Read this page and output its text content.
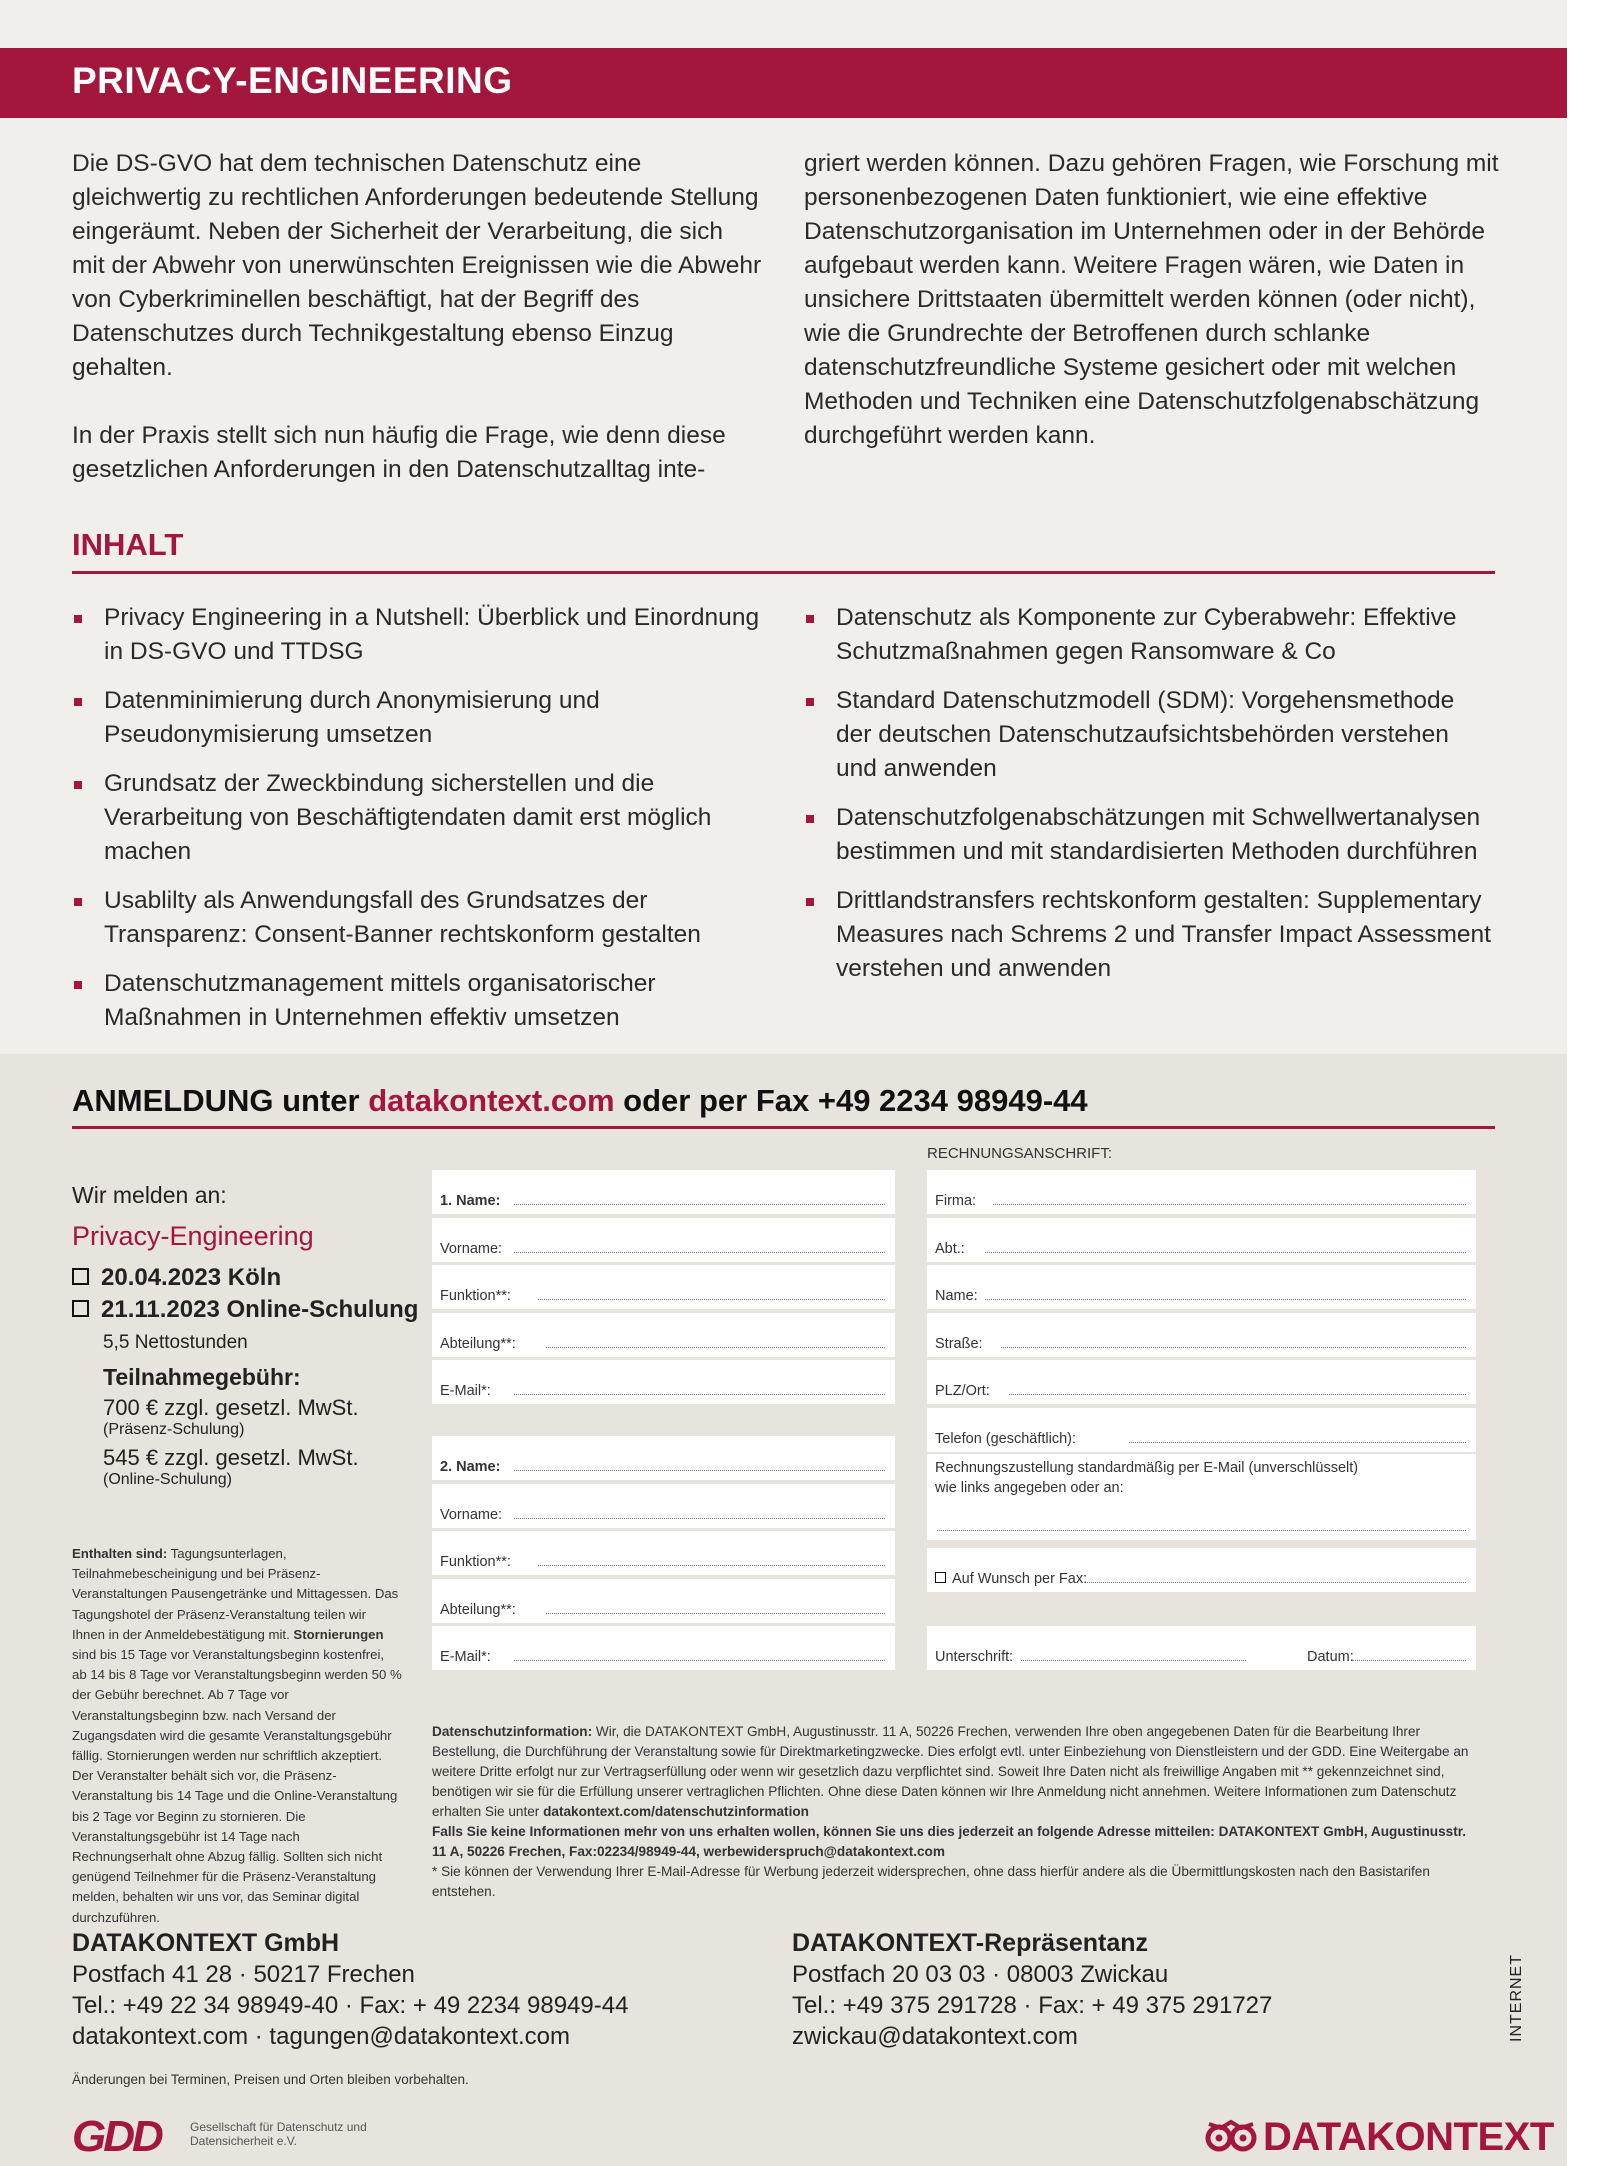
PRIVACY-ENGINEERING

Die DS-GVO hat dem technischen Datenschutz eine gleichwertig zu rechtlichen Anforderungen bedeutende Stellung eingeräumt. Neben der Sicherheit der Verarbeitung, die sich mit der Abwehr von unerwünschten Ereignissen wie die Abwehr von Cyberkriminellen beschäftigt, hat der Begriff des Datenschutzes durch Technikgestaltung ebenso Einzug gehalten.

In der Praxis stellt sich nun häufig die Frage, wie denn diese gesetzlichen Anforderungen in den Datenschutzalltag inte-

griert werden können. Dazu gehören Fragen, wie Forschung mit personenbezogenen Daten funktioniert, wie eine effektive Datenschutzorganisation im Unternehmen oder in der Behörde aufgebaut werden kann. Weitere Fragen wären, wie Daten in unsichere Drittstaaten übermittelt werden können (oder nicht), wie die Grundrechte der Betroffenen durch schlanke datenschutzfreundliche Systeme gesichert oder mit welchen Methoden und Techniken eine Datenschutzfolgenabschätzung durchgeführt werden kann.

INHALT
Privacy Engineering in a Nutshell: Überblick und Einordnung in DS-GVO und TTDSG
Datenminimierung durch Anonymisierung und Pseudonymisierung umsetzen
Grundsatz der Zweckbindung sicherstellen und die Verarbeitung von Beschäftigtendaten damit erst möglich machen
Usablilty als Anwendungsfall des Grundsatzes der Transparenz: Consent-Banner rechtskonform gestalten
Datenschutzmanagement mittels organisatorischer Maßnahmen in Unternehmen effektiv umsetzen
Datenschutz als Komponente zur Cyberabwehr: Effektive Schutzmaßnahmen gegen Ransomware & Co
Standard Datenschutzmodell (SDM): Vorgehensmethode der deutschen Datenschutzaufsichtsbehörden verstehen und anwenden
Datenschutzfolgenabschätzungen mit Schwellwertanalysen bestimmen und mit standardisierten Methoden durchführen
Drittlandstransfers rechtskonform gestalten: Supplementary Measures nach Schrems 2 und Transfer Impact Assessment verstehen und anwenden
ANMELDUNG unter datakontext.com oder per Fax +49 2234 98949-44
Wir melden an:
Privacy-Engineering
20.04.2023 Köln
21.11.2023 Online-Schulung
5,5 Nettostunden
Teilnahmegebühr:
700 € zzgl. gesetzl. MwSt.
(Präsenz-Schulung)
545 € zzgl. gesetzl. MwSt.
(Online-Schulung)
Enthalten sind: Tagungsunterlagen, Teilnahmebescheinigung und bei Präsenz-Veranstaltungen Pausengetränke und Mittagessen. Das Tagungshotel der Präsenz-Veranstaltung teilen wir Ihnen in der Anmeldebestätigung mit. Stornierungen sind bis 15 Tage vor Veranstaltungsbeginn kostenfrei, ab 14 bis 8 Tage vor Veranstaltungsbeginn werden 50 % der Gebühr berechnet. Ab 7 Tage vor Veranstaltungsbeginn bzw. nach Versand der Zugangsdaten wird die gesamte Veranstaltungsgebühr fällig. Stornierungen werden nur schriftlich akzeptiert. Der Veranstalter behält sich vor, die Präsenz-Veranstaltung bis 14 Tage und die Online-Veranstaltung bis 2 Tage vor Beginn zu stornieren. Die Veranstaltungsgebühr ist 14 Tage nach Rechnungserhalt ohne Abzug fällig. Sollten sich nicht genügend Teilnehmer für die Präsenz-Veranstaltung melden, behalten wir uns vor, das Seminar digital durchzuführen.
1. Name:
Vorname:
Funktion**:
Abteilung**:
E-Mail*:
2. Name:
Vorname:
Funktion**:
Abteilung**:
E-Mail*:
RECHNUNGSANSCHRIFT:
Firma:
Abt.:
Name:
Straße:
PLZ/Ort:
Telefon (geschäftlich):
Rechnungszustellung standardmäßig per E-Mail (unverschlüsselt) wie links angegeben oder an:
Auf Wunsch per Fax:
Unterschrift:	Datum:
Datenschutzinformation: Wir, die DATAKONTEXT GmbH, Augustinusstr. 11 A, 50226 Frechen, verwenden Ihre oben angegebenen Daten für die Bearbeitung Ihrer Bestellung, die Durchführung der Veranstaltung sowie für Direktmarketingzwecke. Dies erfolgt evtl. unter Einbeziehung von Dienstleistern und der GDD. Eine Weitergabe an weitere Dritte erfolgt nur zur Vertragserfüllung oder wenn wir gesetzlich dazu verpflichtet sind. Soweit Ihre Daten nicht als freiwillige Angaben mit ** gekennzeichnet sind, benötigen wir sie für die Erfüllung unserer vertraglichen Pflichten. Ohne diese Daten können wir Ihre Anmeldung nicht annehmen. Weitere Informationen zum Datenschutz erhalten Sie unter datakontext.com/datenschutzinformation
Falls Sie keine Informationen mehr von uns erhalten wollen, können Sie uns dies jederzeit an folgende Adresse mitteilen: DATAKONTEXT GmbH, Augustinusstr. 11 A, 50226 Frechen, Fax:02234/98949-44, werbewiderspruch@datakontext.com
* Sie können der Verwendung Ihrer E-Mail-Adresse für Werbung jederzeit widersprechen, ohne dass hierfür andere als die Übermittlungskosten nach den Basistarifen entstehen.
DATAKONTEXT GmbH
Postfach 41 28 · 50217 Frechen
Tel.: +49 22 34 98949-40 · Fax: + 49 2234 98949-44
datakontext.com · tagungen@datakontext.com
DATAKONTEXT-Repräsentanz
Postfach 20 03 03 · 08003 Zwickau
Tel.: +49 375 291728 · Fax: + 49 375 291727
zwickau@datakontext.com	INTERNET
Änderungen bei Terminen, Preisen und Orten bleiben vorbehalten.
GDD Gesellschaft für Datenschutz und Datensicherheit e.V.	DATAKONTEXT
